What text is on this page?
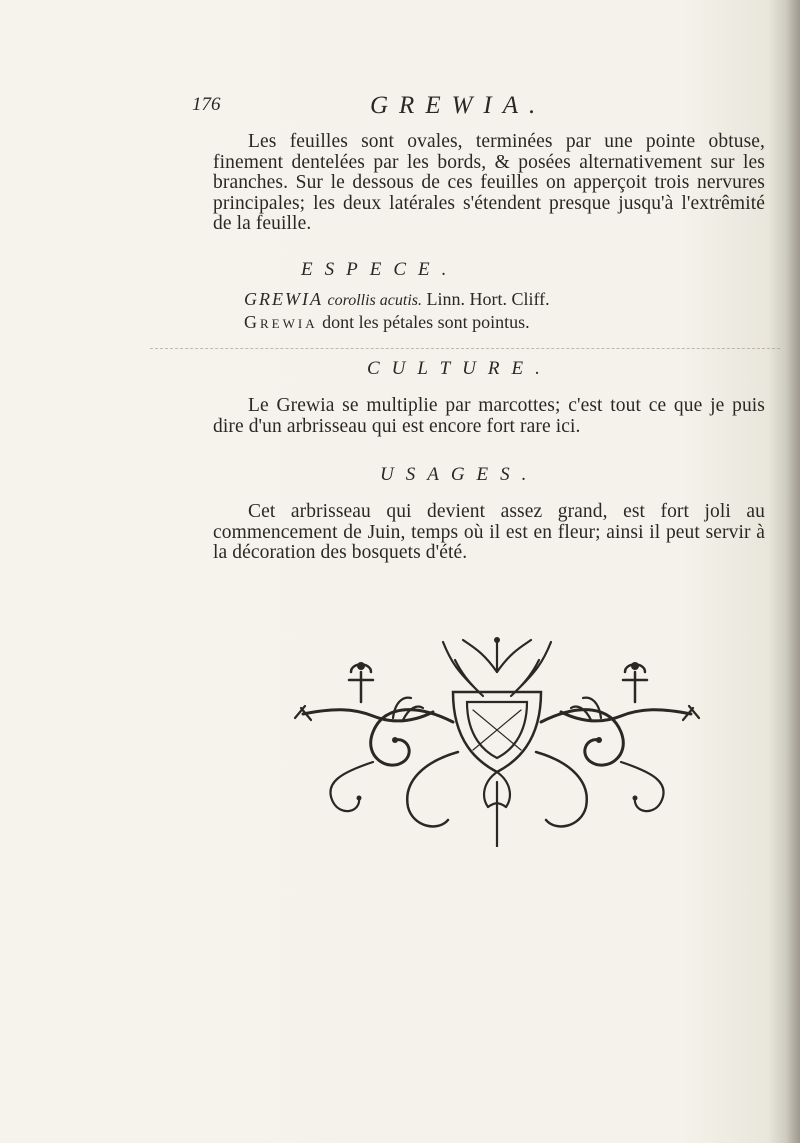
176	GREWIA.
Les feuilles sont ovales, terminées par une pointe obtuse, finement dentelées par les bords, & posées alternativement sur les branches. Sur le dessous de ces feuilles on apperçoit trois nervures principales; les deux latérales s'étendent presque jusqu'à l'extrêmité de la feuille.
ESPECE.
GREWIA corollis acutis. Linn. Hort. Cliff.
Grewia dont les pétales sont pointus.
CULTURE.
Le Grewia se multiplie par marcottes; c'est tout ce que je puis dire d'un arbrisseau qui est encore fort rare ici.
USAGES.
Cet arbrisseau qui devient assez grand, est fort joli au commencement de Juin, temps où il est en fleur; ainsi il peut servir à la décoration des bosquets d'été.
